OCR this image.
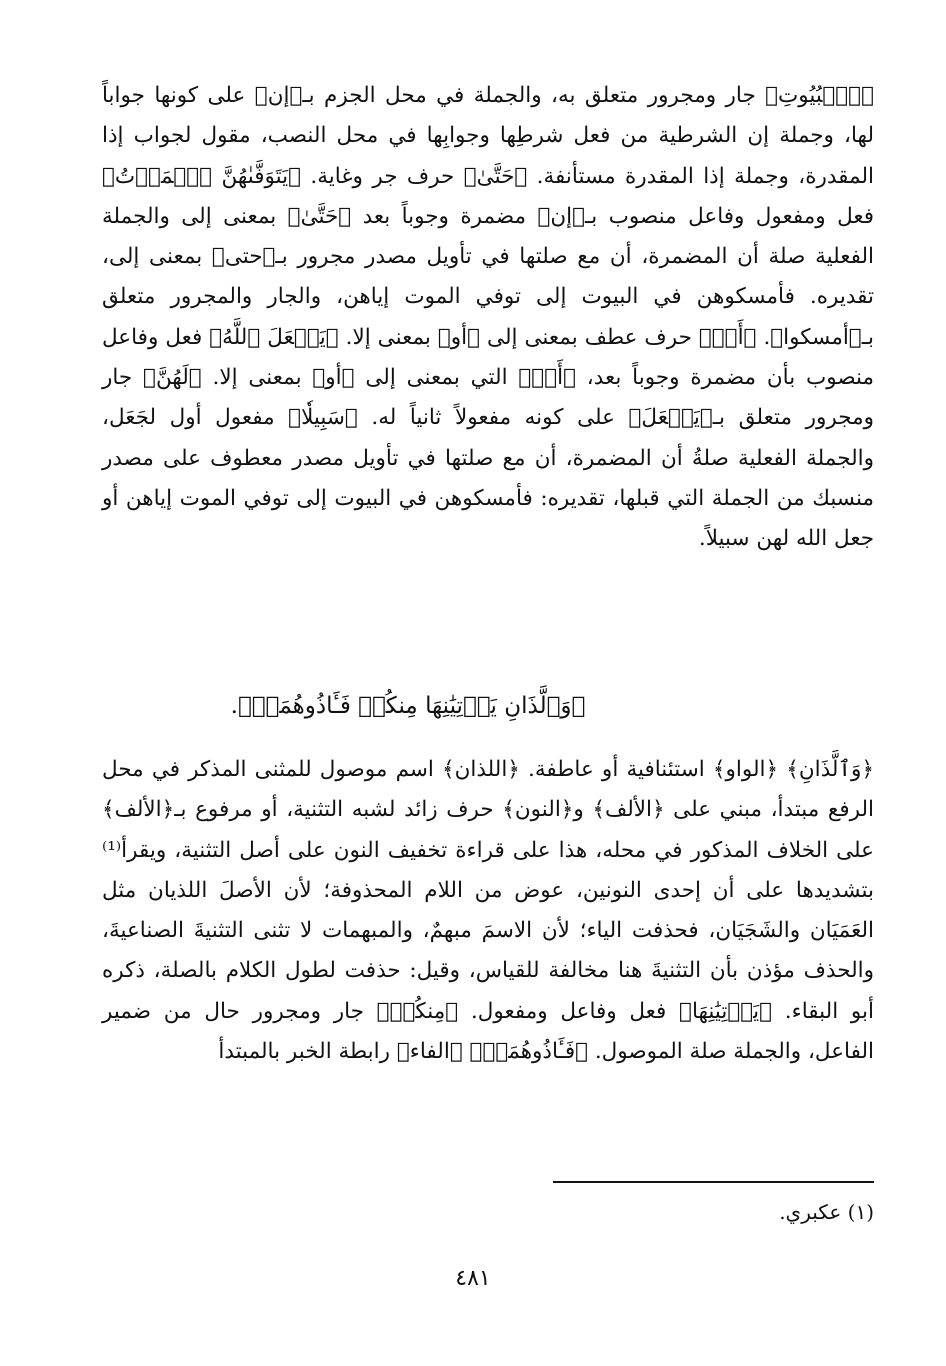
﴿ٱلۡبُيُوتِ﴾ جار ومجرور متعلق به، والجملة في محل الجزم بـ﴿إن﴾ على كونها جواباً لها، وجملة إن الشرطية من فعل شرطِها وجوابِها في محل النصب، مقول لجواب إذا المقدرة، وجملة إذا المقدرة مستأنفة. ﴿حَتَّىٰ﴾ حرف جر وغاية. ﴿يَتَوَفَّىٰهُنَّ ٱلۡمَوۡتُ﴾ فعل ومفعول وفاعل منصوب بـ﴿إن﴾ مضمرة وجوباً بعد ﴿حَتَّىٰ﴾ بمعنى إلى والجملة الفعلية صلة أن المضمرة، أن مع صلتها في تأويل مصدر مجرور بـ﴿حتى﴾ بمعنى إلى، تقديره. فأمسكوهن في البيوت إلى توفي الموت إياهن، والجار والمجرور متعلق بـ﴿أمسكوا﴾. ﴿أَوۡ﴾ حرف عطف بمعنى إلى ﴿أو﴾ بمعنى إلا. ﴿يَجۡعَلَ ٱللَّهُ﴾ فعل وفاعل منصوب بأن مضمرة وجوباً بعد، ﴿أَوۡ﴾ التي بمعنى إلى ﴿أو﴾ بمعنى إلا. ﴿لَهُنَّ﴾ جار ومجرور متعلق بـ﴿يَجۡعَلَ﴾ على كونه مفعولاً ثانياً له. ﴿سَبِيلٗا﴾ مفعول أول لجَعَل، والجملة الفعلية صلةُ أن المضمرة، أن مع صلتها في تأويل مصدر معطوف على مصدر منسبك من الجملة التي قبلها، تقديره: فأمسكوهن في البيوت إلى توفي الموت إياهن أو جعل الله لهن سبيلاً.

﴿وَٱلَّذَانِ يَأۡتِيَٰنِهَا مِنكُمۡ فَـَٔاذُوهُمَاۖ﴾.

﴿وَٱلَّذَانِ﴾ ﴿الواو﴾ استئنافية أو عاطفة. ﴿اللذان﴾ اسم موصول للمثنى المذكر في محل الرفع مبتدأ، مبني على ﴿الألف﴾ و﴿النون﴾ حرف زائد لشبه التثنية، أو مرفوع بـ﴿الألف﴾ على الخلاف المذكور في محله، هذا على قراءة تخفيف النون على أصل التثنية، ويقرأ⁽¹⁾ بتشديدها على أن إحدى النونين، عوض من اللام المحذوفة؛ لأن الأصلَ اللذيان مثل العَمَيَان والشَجَيَان، فحذفت الياء؛ لأن الاسمَ مبهمٌ، والمبهمات لا تثنى التثنيةَ الصناعيةَ، والحذف مؤذن بأن التثنيةَ هنا مخالفة للقياس، وقيل: حذفت لطول الكلام بالصلة، ذكره أبو البقاء. ﴿يَأۡتِيَٰنِهَا﴾ فعل وفاعل ومفعول. ﴿مِنكُمۡ﴾ جار ومجرور حال من ضمير الفاعل، والجملة صلة الموصول. ﴿فَـَٔاذُوهُمَاۖ﴾ ﴿الفاء﴾ رابطة الخبر بالمبتدأ

(١) عكبري.

٤٨١
